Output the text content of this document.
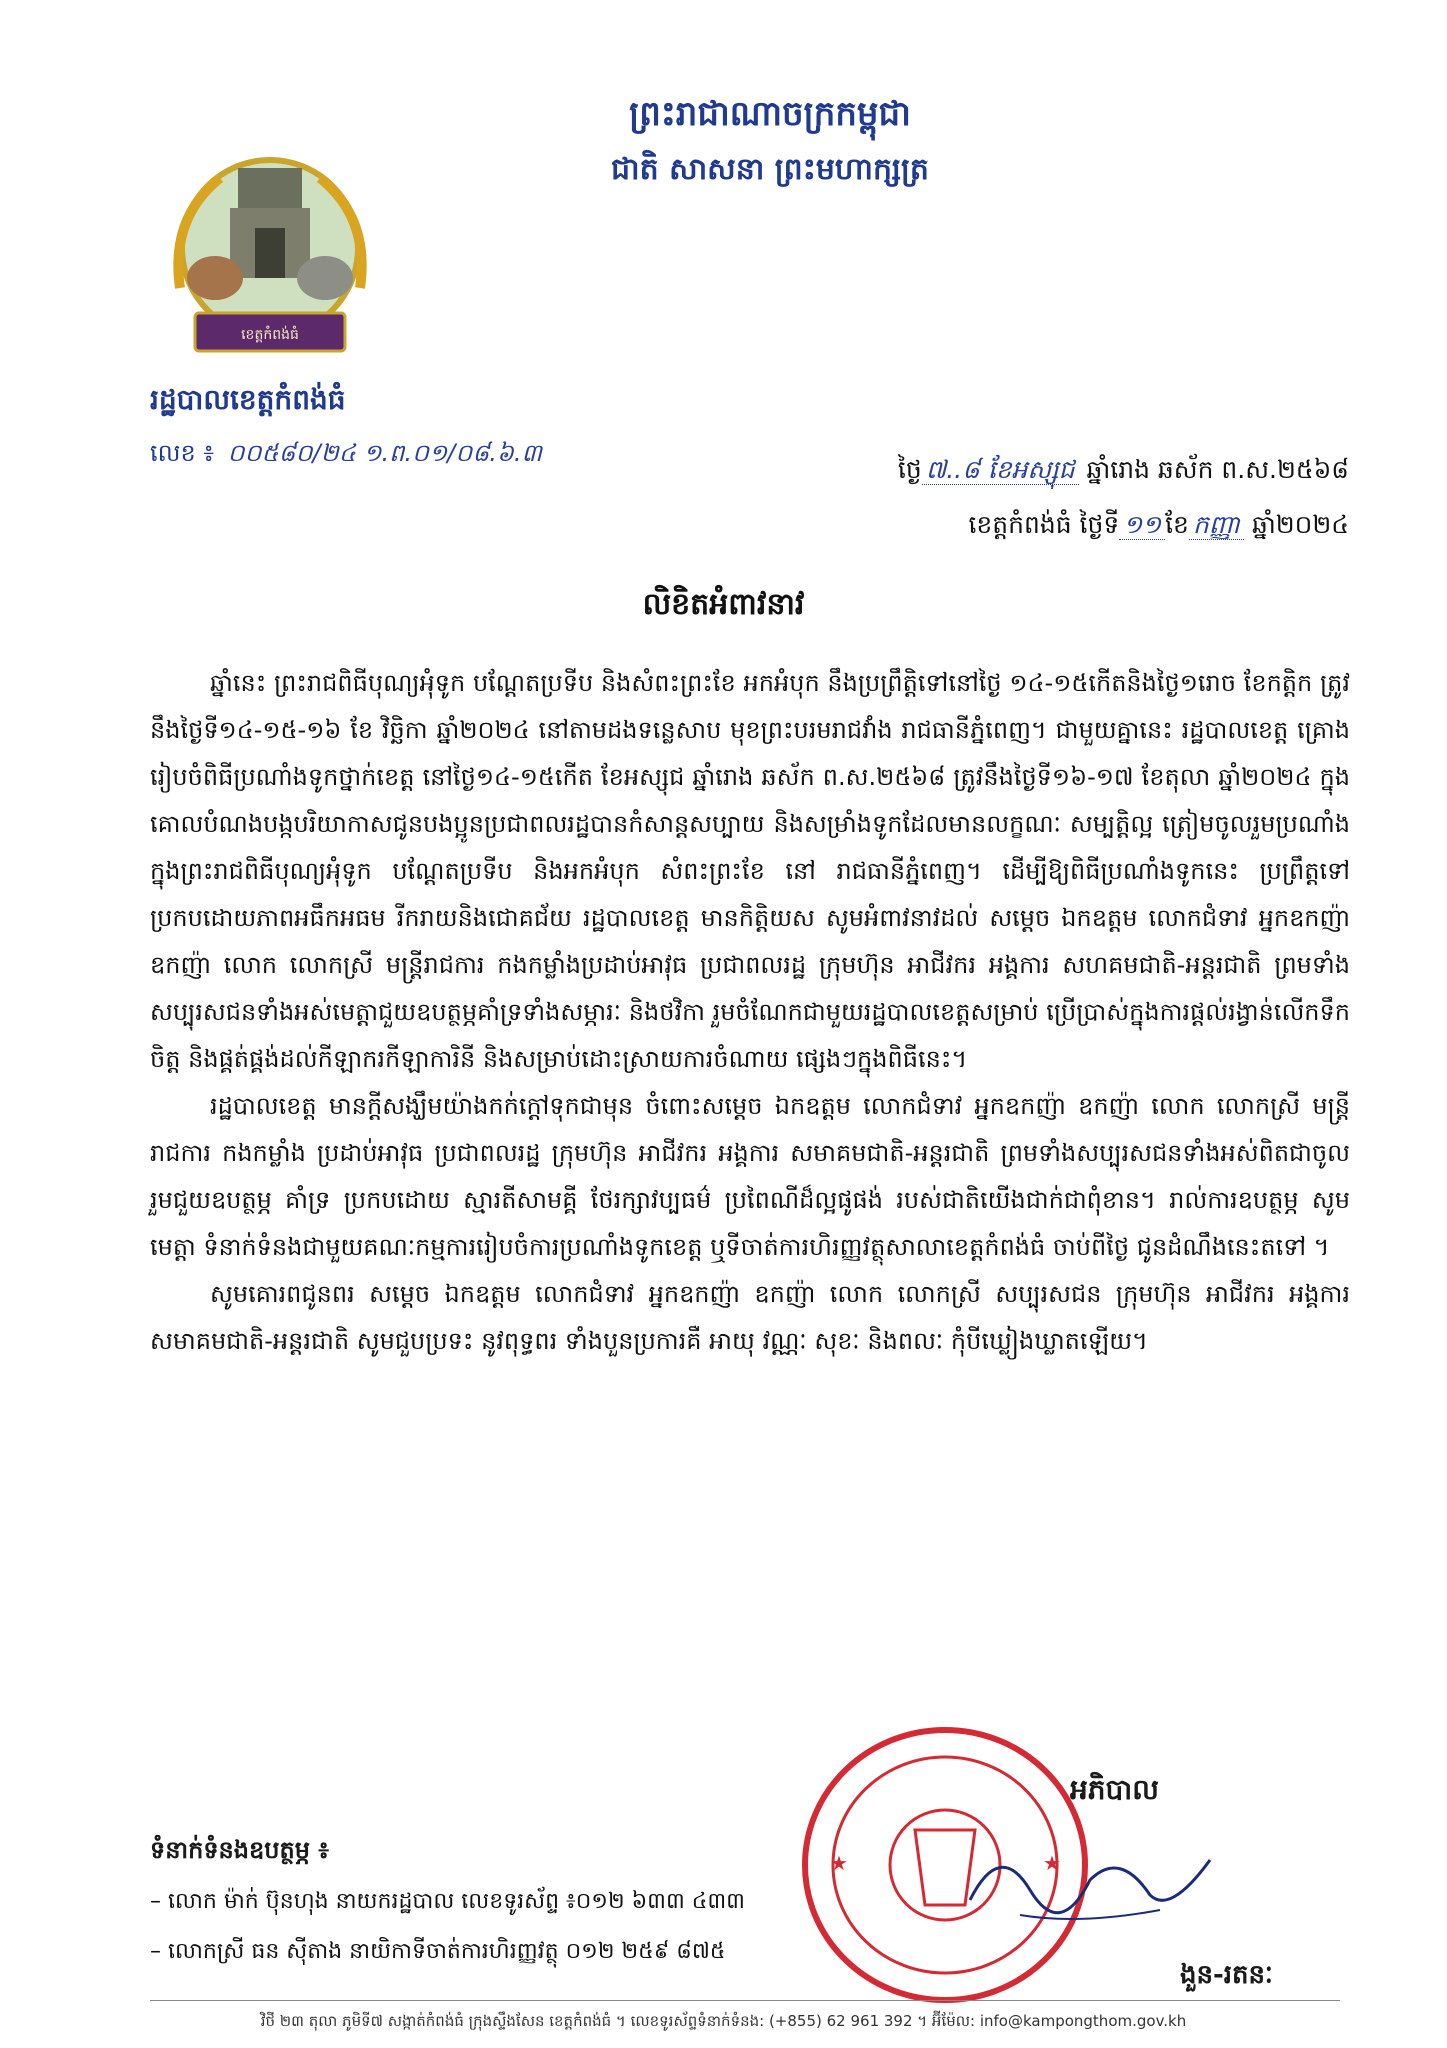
ព្រះរាជាណាចក្រកម្ពុជា
ជាតិ សាសនា ព្រះមហាក្សត្រ
ខេត្តកំពង់ធំ
រដ្ឋបាលខេត្តកំពង់ធំ
លេខ ៖ ០០៥៨០/២៤ ១.ព.០១/០៨.៦.៣
ថ្ងៃ ៧..៨ ខែអស្សុជ ឆ្នាំរោង ឆស័ក ព.ស.២៥៦៨
ខេត្តកំពង់ធំ ថ្ងៃទី ១១ ខែ កញ្ញា ឆ្នាំ២០២៤
លិខិតអំពាវនាវ

ឆ្នាំនេះ ព្រះរាជពិធីបុណ្យអុំទូក បណ្តែតប្រទីប និងសំពះព្រះខែ អកអំបុក នឹងប្រព្រឹត្តិទៅនៅថ្ងៃ ១៤-១៥កើតនិងថ្ងៃ១រោច ខែកត្តិក ត្រូវនឹងថ្ងៃទី១៤-១៥-១៦ ខែ វិច្ឆិកា ឆ្នាំ២០២៤ នៅតាមដងទន្លេសាប មុខព្រះបរមរាជវាំង រាជធានីភ្នំពេញ។ ជាមួយគ្នានេះ រដ្ឋបាលខេត្ត គ្រោងរៀបចំពិធីប្រណាំងទូកថ្នាក់ខេត្ត នៅថ្ងៃ១៤-១៥កើត ខែអស្សុជ ឆ្នាំរោង ឆស័ក ព.ស.២៥៦៨ ត្រូវនឹងថ្ងៃទី១៦-១៧ ខែតុលា ឆ្នាំ២០២៤ ក្នុងគោលបំណងបង្កបរិយាកាសជូនបងប្អូនប្រជាពលរដ្ឋបានកំសាន្តសប្បាយ និងសម្រាំងទូកដែលមានលក្ខណៈ សម្បត្តិល្អ ត្រៀមចូលរួមប្រណាំងក្នុងព្រះរាជពិធីបុណ្យអុំទូក បណ្តែតប្រទីប និងអកអំបុក សំពះព្រះខែ នៅ រាជធានីភ្នំពេញ។ ដើម្បីឱ្យពិធីប្រណាំងទូកនេះ ប្រព្រឹត្តទៅប្រកបដោយភាពអធឹកអធម រីករាយនិងជោគជ័យ រដ្ឋបាលខេត្ត មានកិត្តិយស សូមអំពាវនាវដល់ សម្តេច ឯកឧត្តម លោកជំទាវ អ្នកឧកញ៉ា ឧកញ៉ា លោក លោកស្រី មន្ត្រីរាជការ កងកម្លាំងប្រដាប់អាវុធ ប្រជាពលរដ្ឋ ក្រុមហ៊ុន អាជីវករ អង្គការ សហគមជាតិ-អន្តរជាតិ ព្រមទាំងសប្បុរសជនទាំងអស់មេត្តាជួយឧបត្ថម្ភគាំទ្រទាំងសម្ភារៈ និងថវិកា រួមចំណែកជាមួយរដ្ឋបាលខេត្តសម្រាប់ ប្រើប្រាស់ក្នុងការផ្តល់រង្វាន់លើកទឹកចិត្ត និងផ្គត់ផ្គង់ដល់កីឡាករកីឡាការិនី និងសម្រាប់ដោះស្រាយការចំណាយ ផ្សេងៗក្នុងពិធីនេះ។

រដ្ឋបាលខេត្ត មានក្តីសង្ឃឹមយ៉ាងកក់ក្តៅទុកជាមុន ចំពោះសម្តេច ឯកឧត្តម លោកជំទាវ អ្នកឧកញ៉ា ឧកញ៉ា លោក លោកស្រី មន្ត្រីរាជការ កងកម្លាំង ប្រដាប់អាវុធ ប្រជាពលរដ្ឋ ក្រុមហ៊ុន អាជីវករ អង្គការ សមាគមជាតិ-អន្តរជាតិ ព្រមទាំងសប្បុរសជនទាំងអស់ពិតជាចូលរួមជួយឧបត្ថម្ភ គាំទ្រ ប្រកបដោយ ស្មារតីសាមគ្គី ថែរក្សាវប្បធម៌ ប្រពៃណីដ៏ល្អផូផង់ របស់ជាតិយើងជាក់ជាពុំខាន។ រាល់ការឧបត្ថម្ភ សូមមេត្តា ទំនាក់ទំនងជាមួយគណៈកម្មការរៀបចំការប្រណាំងទូកខេត្ត ឬទីចាត់ការហិរញ្ញវត្ថុសាលាខេត្តកំពង់ធំ ចាប់ពីថ្ងៃ ជូនដំណឹងនេះតទៅ ។

សូមគោរពជូនពរ សម្តេច ឯកឧត្តម លោកជំទាវ អ្នកឧកញ៉ា ឧកញ៉ា លោក លោកស្រី សប្បុរសជន ក្រុមហ៊ុន អាជីវករ អង្គការសមាគមជាតិ-អន្តរជាតិ សូមជួបប្រទះ នូវពុទ្ធពរ ទាំងបួនប្រការគឺ អាយុ វណ្ណៈ សុខៈ និងពលៈ កុំបីឃ្លៀងឃ្លាតឡើយ។

★	★
អភិបាល
ងួន-រតនៈ
ទំនាក់ទំនងឧបត្ថម្ភ ៖
– លោក ម៉ាក់ ប៊ុនហុង នាយករដ្ឋបាល លេខទូរស័ព្ទ ៖០១២ ៦៣៣ ៤៣៣
– លោកស្រី ធន ស៊ីតាង នាយិកាទីចាត់ការហិរញ្ញវត្ថុ ០១២ ២៥៩ ៨៧៥
វិថី ២៣ តុលា ភូមិទី៧ សង្កាត់កំពង់ធំ ក្រុងស្ទឹងសែន ខេត្តកំពង់ធំ ។ លេខទូរស័ព្ទទំនាក់ទំនង: (+855) 62 961 392 ។ អ៊ីម៉ែល: info@kampongthom.gov.kh
